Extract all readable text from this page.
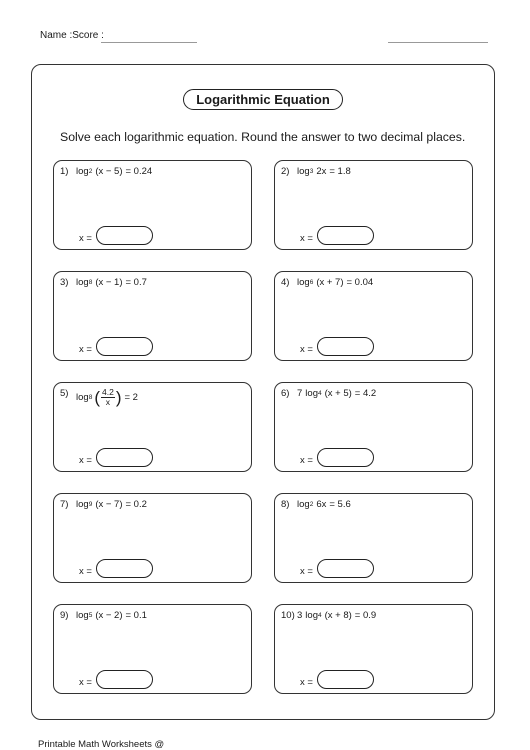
Name :Score :
Logarithmic Equation
Solve each logarithmic equation. Round the answer to two decimal places.
1) log 2 (x − 5) = 0.24
x =
2) log 3 2x = 1.8
x =
3) log 8 (x − 1) = 0.7
x =
4) log 6 (x + 7) = 0.04
x =
5) log 8 ( $\frac{4.2}{x}$ ) = 2
x =
6) 7 log 4 (x + 5) = 4.2
x =
7) log 9 (x − 7) = 0.2
x =
8) log 2 6x = 5.6
x =
9) log 5 (x − 2) = 0.1
x =
10) 3 log 4 (x + 8) = 0.9
x =
Printable Math Worksheets @
